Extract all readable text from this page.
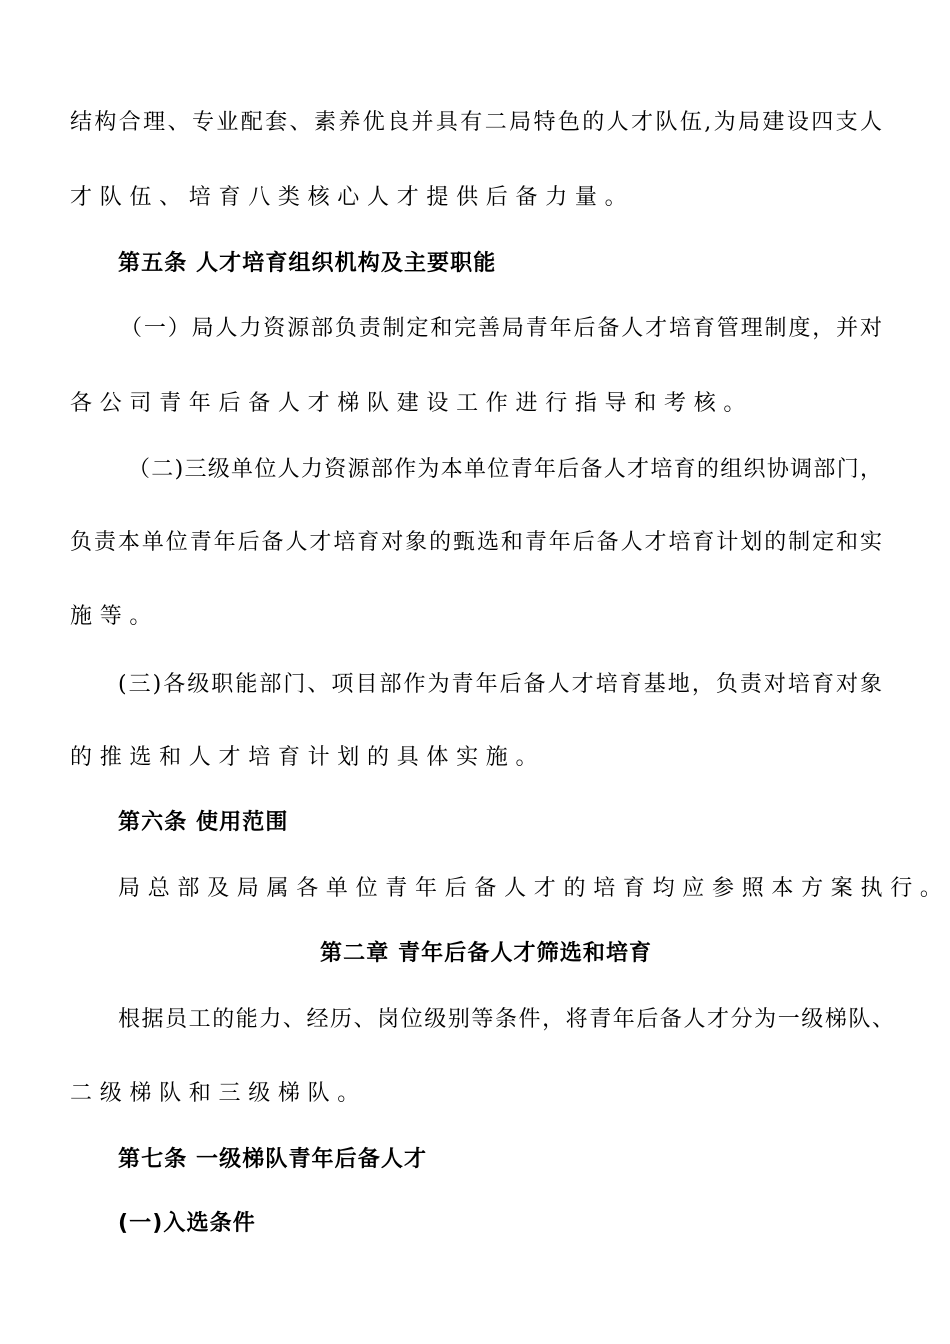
结构合理、专业配套、素养优良并具有二局特色的人才队伍,为局建设四支人

才队伍、培育八类核心人才提供后备力量。

第五条 人才培育组织机构及主要职能

（一）局人力资源部负责制定和完善局青年后备人才培育管理制度，并对

各公司青年后备人才梯队建设工作进行指导和考核。

（二)三级单位人力资源部作为本单位青年后备人才培育的组织协调部门，

负责本单位青年后备人才培育对象的甄选和青年后备人才培育计划的制定和实

施等。

(三)各级职能部门、项目部作为青年后备人才培育基地，负责对培育对象

的推选和人才培育计划的具体实施。

第六条 使用范围

局总部及局属各单位青年后备人才的培育均应参照本方案执行。

第二章 青年后备人才筛选和培育

根据员工的能力、经历、岗位级别等条件，将青年后备人才分为一级梯队、

二级梯队和三级梯队。

第七条 一级梯队青年后备人才

(一)入选条件
